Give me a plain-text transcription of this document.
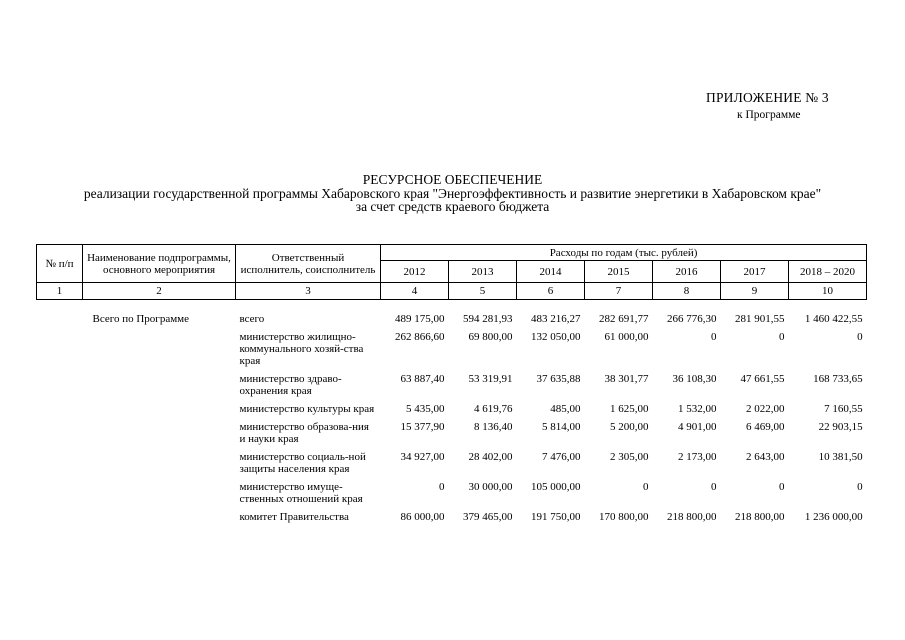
ПРИЛОЖЕНИЕ № 3
к Программе
РЕСУРСНОЕ ОБЕСПЕЧЕНИЕ
реализации государственной программы Хабаровского края "Энергоэффективность и развитие энергетики в Хабаровском крае"
за счет средств краевого бюджета
№ п/п	Наименование подпрограммы, основного мероприятия	Ответственный исполнитель, соисполнитель	Расходы по годам (тыс. рублей)						
			2012	2013	2014	2015	2016	2017	2018 – 2020
1	2	3	4	5	6	7	8	9	10

	Всего по Программе	всего	489 175,00	594 281,93	483 216,27	282 691,77	266 776,30	281 901,55	1 460 422,55
		министерство жилищно-коммунального хозяй-ства края	262 866,60	69 800,00	132 050,00	61 000,00	0	0	0
		министерство здраво-охранения края	63 887,40	53 319,91	37 635,88	38 301,77	36 108,30	47 661,55	168 733,65
		министерство культуры края	5 435,00	4 619,76	485,00	1 625,00	1 532,00	2 022,00	7 160,55
		министерство образова-ния и науки края	15 377,90	8 136,40	5 814,00	5 200,00	4 901,00	6 469,00	22 903,15
		министерство социаль-ной защиты населения края	34 927,00	28 402,00	7 476,00	2 305,00	2 173,00	2 643,00	10 381,50
		министерство имуще-ственных отношений края	0	30 000,00	105 000,00	0	0	0	0
		комитет Правительства	86 000,00	379 465,00	191 750,00	170 800,00	218 800,00	218 800,00	1 236 000,00
